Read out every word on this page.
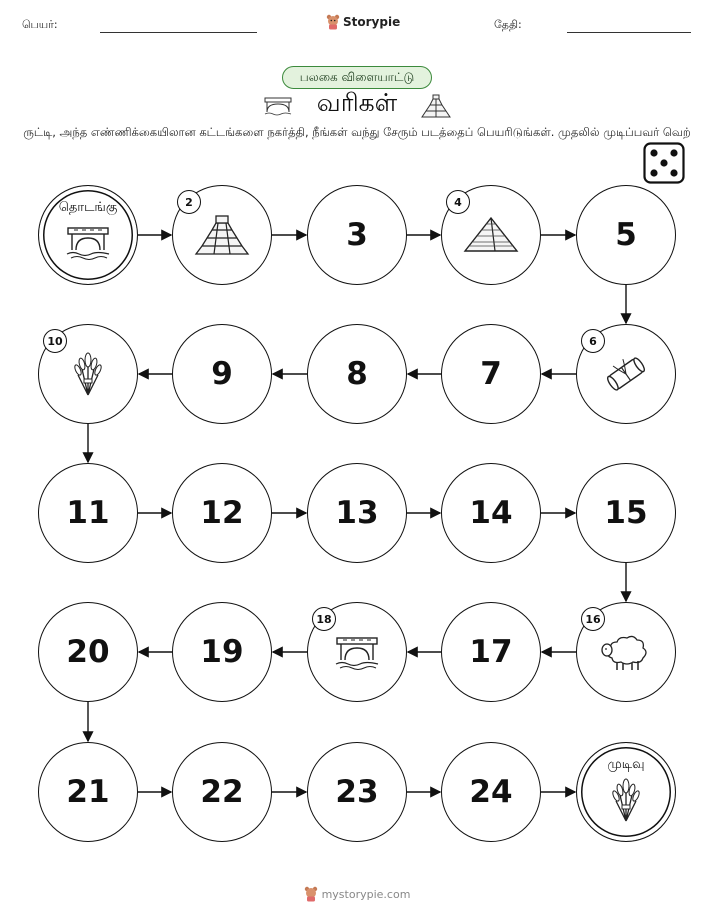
பெயர்:	Storypie	தேதி:
பலகை விளையாட்டு
வரிகள்
ருட்டி, அந்த எண்ணிக்கையிலான கட்டங்களை நகர்த்தி, நீங்கள் வந்து சேரும் படத்தைப் பெயரிடுங்கள். முதலில் முடிப்பவர் வெற்
தொடங்கு	2
3
4
5
6
7
8
9
10
11	12	13	14	15
16
17
18
19
20
21	22	23	24
முடிவு
mystorypie.com
